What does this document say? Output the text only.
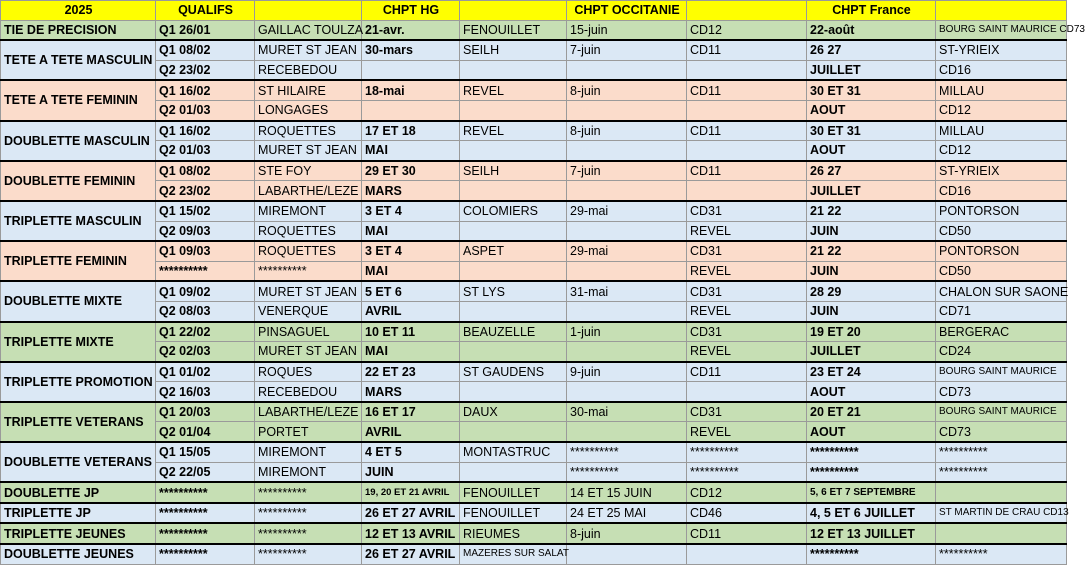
2025	QUALIFS		CHPT HG		CHPT OCCITANIE		CHPT France	
TIE DE PRECISION	Q1 26/01	GAILLAC TOULZA	21-avr.	FENOUILLET	15-juin	CD12	22-août	BOURG SAINT MAURICE CD73
TETE A TETE MASCULIN	Q1 08/02	MURET ST JEAN	30-mars	SEILH	7-juin	CD11	26 27	ST-YRIEIX
	Q2 23/02	RECEBEDOU					JUILLET	CD16
TETE A TETE FEMININ	Q1 16/02	ST HILAIRE	18-mai	REVEL	8-juin	CD11	30 ET 31	MILLAU
	Q2 01/03	LONGAGES					AOUT	CD12
DOUBLETTE MASCULIN	Q1 16/02	ROQUETTES	17 ET 18	REVEL	8-juin	CD11	30 ET 31	MILLAU
	Q2 01/03	MURET ST JEAN	MAI				AOUT	CD12
DOUBLETTE FEMININ	Q1 08/02	STE FOY	29 ET 30	SEILH	7-juin	CD11	26 27	ST-YRIEIX
	Q2 23/02	LABARTHE/LEZE	MARS				JUILLET	CD16
TRIPLETTE MASCULIN	Q1 15/02	MIREMONT	3 ET 4	COLOMIERS	29-mai	CD31	21 22	PONTORSON
	Q2 09/03	ROQUETTES	MAI			REVEL	JUIN	CD50
TRIPLETTE FEMININ	Q1 09/03	ROQUETTES	3 ET 4	ASPET	29-mai	CD31	21 22	PONTORSON
	**********	**********	MAI			REVEL	JUIN	CD50
DOUBLETTE MIXTE	Q1 09/02	MURET ST JEAN	5 ET 6	ST LYS	31-mai	CD31	28 29	CHALON SUR SAONE
	Q2 08/03	VENERQUE	AVRIL			REVEL	JUIN	CD71
TRIPLETTE MIXTE	Q1 22/02	PINSAGUEL	10 ET 11	BEAUZELLE	1-juin	CD31	19 ET 20	BERGERAC
	Q2 02/03	MURET ST JEAN	MAI			REVEL	JUILLET	CD24
TRIPLETTE PROMOTION	Q1 01/02	ROQUES	22 ET 23	ST GAUDENS	9-juin	CD11	23 ET 24	BOURG SAINT MAURICE
	Q2 16/03	RECEBEDOU	MARS				AOUT	CD73
TRIPLETTE VETERANS	Q1 20/03	LABARTHE/LEZE	16 ET 17	DAUX	30-mai	CD31	20 ET 21	BOURG SAINT MAURICE
	Q2 01/04	PORTET	AVRIL			REVEL	AOUT	CD73
DOUBLETTE VETERANS	Q1 15/05	MIREMONT	4 ET 5	MONTASTRUC	**********	**********	**********	**********
	Q2 22/05	MIREMONT	JUIN		**********	**********	**********	**********
DOUBLETTE JP	**********	**********	19, 20 ET 21 AVRIL	FENOUILLET	14 ET 15 JUIN	CD12	5, 6 ET 7 SEPTEMBRE	
TRIPLETTE JP	**********	**********	26 ET 27 AVRIL	FENOUILLET	24 ET 25 MAI	CD46	4, 5 ET 6 JUILLET	ST MARTIN DE CRAU CD13
TRIPLETTE JEUNES	**********	**********	12 ET 13 AVRIL	RIEUMES	8-juin	CD11	12 ET 13 JUILLET	
DOUBLETTE JEUNES	**********	**********	26 ET 27 AVRIL	MAZERES SUR SALAT			**********	**********
